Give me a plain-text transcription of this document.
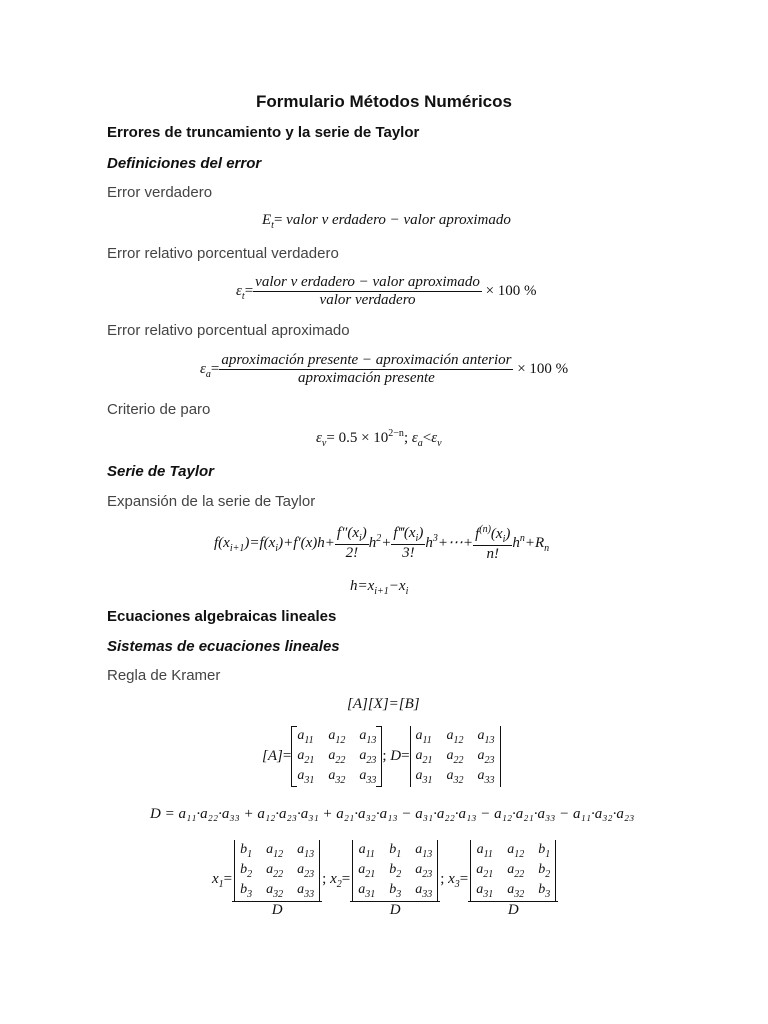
Formulario Métodos Numéricos
Errores de truncamiento y la serie de Taylor
Definiciones del error
Error verdadero
$E_t=$ valor v erdadero − valor aproximado
Error relativo porcentual verdadero
$\varepsilon_t= \frac{\text{valor v erdadero − valor aproximado}}{\text{valor verdadero}} \times 100$ %
Error relativo porcentual aproximado
$\varepsilon_a= \frac{\text{aproximación presente − aproximación anterior}}{\text{aproximación presente}} \times 100$ %
Criterio de paro
$\varepsilon_v= 0.5 \times 10^{2-n}$; $\varepsilon_a<\varepsilon_v$
Serie de Taylor
Expansión de la serie de Taylor
$f(x_{i+1})=f(x_i)+f'(x)h+ \frac{f''(x_i)}{2!} h^2+ \frac{f‴(x_i)}{3!}$ $h^3+\cdots+ \frac{f^{(n)}(x_i)}{n!} h^n+R_n$
$h=x_{i+1}-x_i$
Ecuaciones algebraicas lineales
Sistemas de ecuaciones lineales
Regla de Kramer
[A][X]=[B]
[A]=
$a_{11}$ $a_{12}$ $a_{13}$
$a_{21}$ $a_{22}$ $a_{23}$
$a_{31}$ $a_{32}$ $a_{33}$
; D=
$a_{11}$ $a_{12}$ $a_{13}$
$a_{21}$ $a_{22}$ $a_{23}$
$a_{31}$ $a_{32}$ $a_{33}$
D = a₁₁·a₂₂·a₃₃ + a₁₂·a₂₃·a₃₁ + a₂₁·a₃₂·a₁₃ − a₃₁·a₂₂·a₁₃ − a₁₂·a₂₁·a₃₃ − a₁₁·a₃₂·a₂₃
$x_1= b_1$ $a_{12}$ $a_{13}$
$b_2$ $a_{22}$ $a_{23}$
$b_3$ $a_{32}$ $a_{33}$
D ; $x_2= a_{11}$ $b_1$ $a_{13}$
$a_{21}$ $b_2$ $a_{23}$
$a_{31}$ $b_3$ $a_{33}$
D ; $x_3= a_{11}$ $a_{12}$ $b_1$
$a_{21}$ $a_{22}$ $b_2$
$a_{31}$ $a_{32}$ $b_3$
D
